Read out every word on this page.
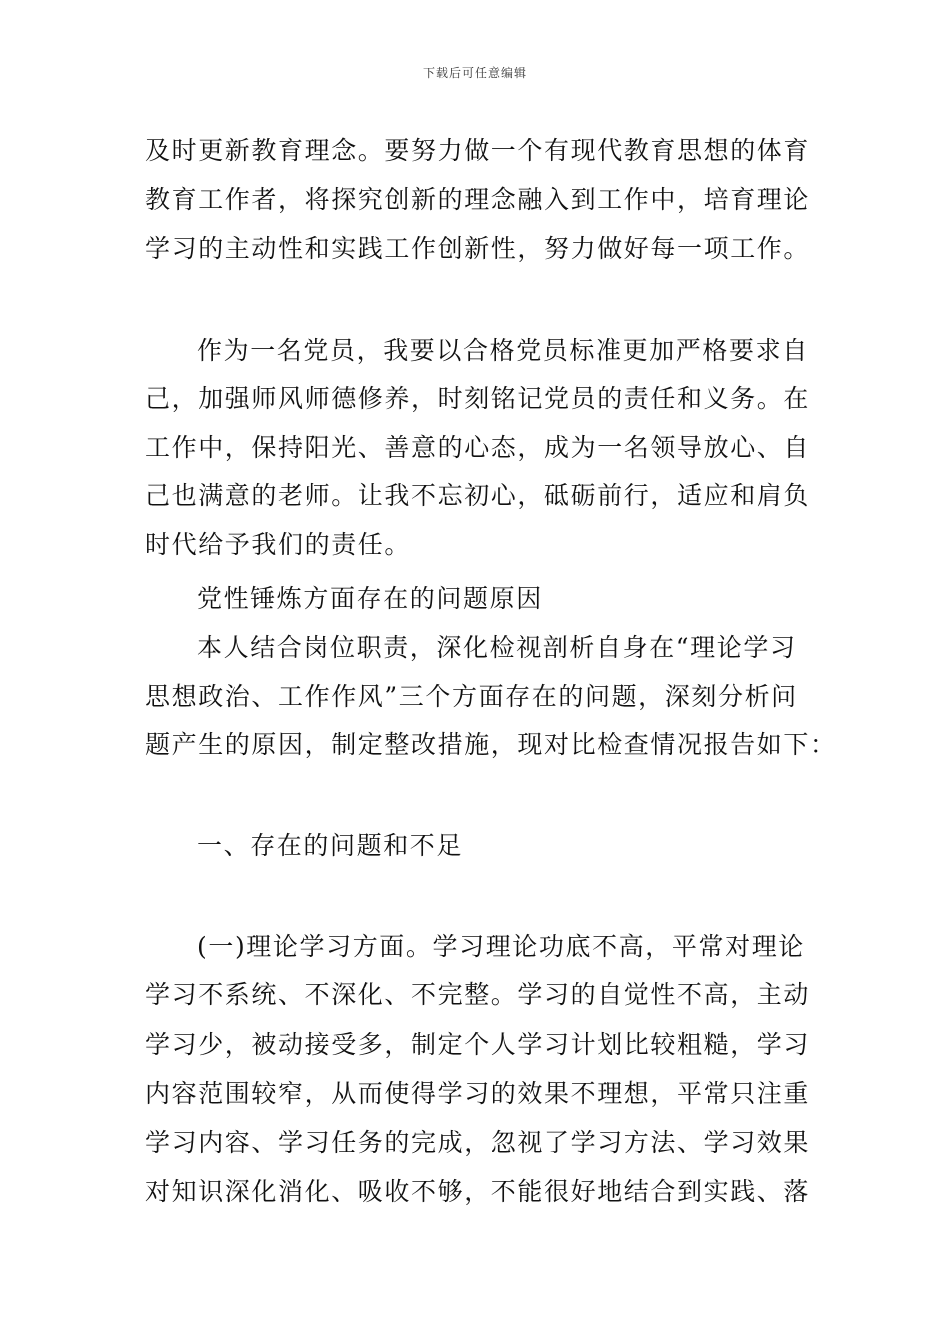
下载后可任意编辑
及时更新教育理念。要努力做一个有现代教育思想的体育
教育工作者，将探究创新的理念融入到工作中，培育理论
学习的主动性和实践工作创新性，努力做好每一项工作。
作为一名党员，我要以合格党员标准更加严格要求自
己，加强师风师德修养，时刻铭记党员的责任和义务。在
工作中，保持阳光、善意的心态，成为一名领导放心、自
己也满意的老师。让我不忘初心，砥砺前行，适应和肩负
时代给予我们的责任。
党性锤炼方面存在的问题原因
本人结合岗位职责，深化检视剖析自身在“理论学习
思想政治、工作作风”三个方面存在的问题，深刻分析问
题产生的原因，制定整改措施，现对比检查情况报告如下：
一、存在的问题和不足
(一)理论学习方面。学习理论功底不高，平常对理论
学习不系统、不深化、不完整。学习的自觉性不高，主动
学习少，被动接受多，制定个人学习计划比较粗糙，学习
内容范围较窄，从而使得学习的效果不理想，平常只注重
学习内容、学习任务的完成，忽视了学习方法、学习效果
对知识深化消化、吸收不够，不能很好地结合到实践、落
